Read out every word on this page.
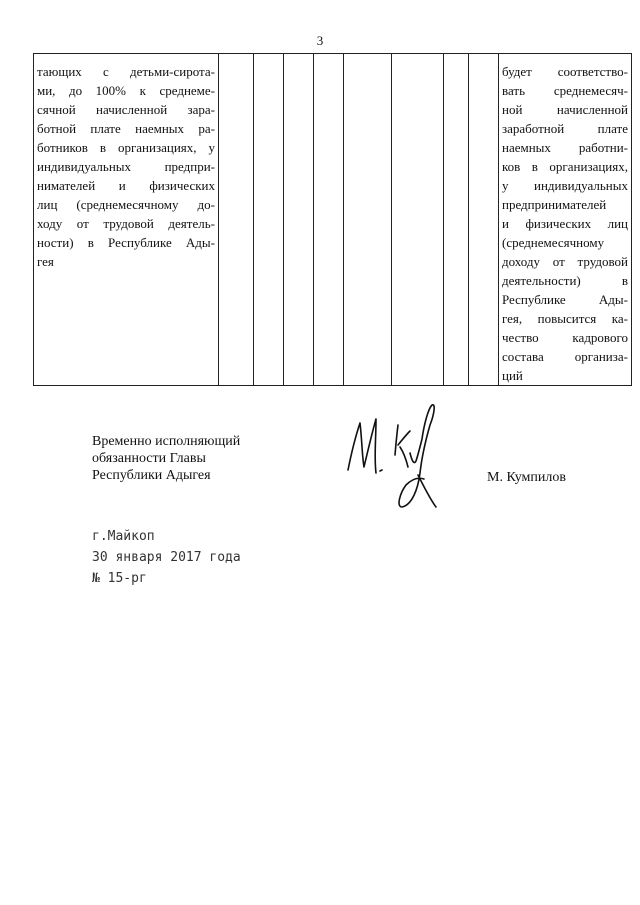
3
тающих с детьми-сирота-
ми, до 100% к среднеме-
сячной начисленной зара-
ботной плате наемных ра-
ботников в организациях, у
индивидуальных предпри-
нимателей и физических
лиц (среднемесячному до-
ходу от трудовой деятель-
ности) в Республике Ады-
гея

будет соответство-
вать среднемесяч-
ной начисленной
заработной плате
наемных работни-
ков в организациях,
у индивидуальных
предпринимателей
и физических лиц
(среднемесячному
доходу от трудовой
деятельности) в
Республике Ады-
гея, повысится ка-
чество кадрового
состава организа-
ций
Временно исполняющий
обязанности Главы
Республики Адыгея	М. Кумпилов
г.Майкоп
30 января 2017 года
№ 15-рг
